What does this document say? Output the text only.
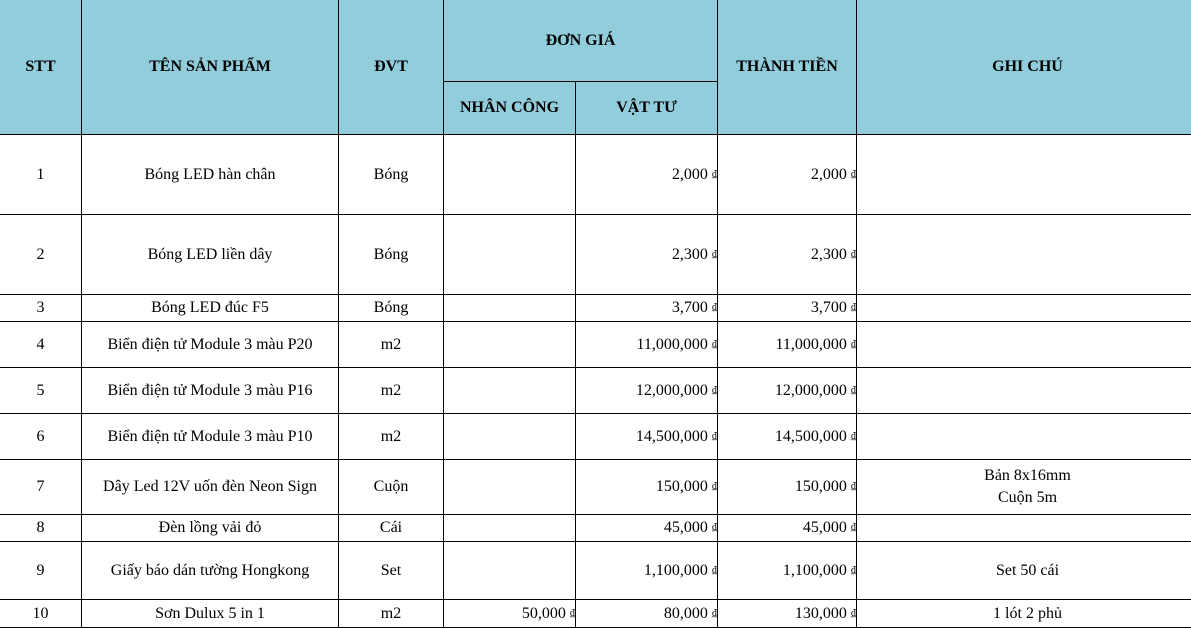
STT	TÊN SẢN PHẨM	ĐVT	ĐƠN GIÁ		THÀNH TIỀN	GHI CHÚ
			NHÂN CÔNG	VẬT TƯ		
1	Bóng LED hàn chân	Bóng		2,000 ₫	2,000 ₫	
2	Bóng LED liền dây	Bóng		2,300 ₫	2,300 ₫	
3	Bóng LED đúc F5	Bóng		3,700 ₫	3,700 ₫	
4	Biển điện tử Module 3 màu P20	m2		11,000,000 ₫	11,000,000 ₫	
5	Biển điện tử Module 3 màu P16	m2		12,000,000 ₫	12,000,000 ₫	
6	Biển điện tử Module 3 màu P10	m2		14,500,000 ₫	14,500,000 ₫	
7	Dây Led 12V uốn đèn Neon Sign	Cuộn		150,000 ₫	150,000 ₫	Bản 8x16mm
Cuộn 5m
8	Đèn lồng vải đỏ	Cái		45,000 ₫	45,000 ₫	
9	Giấy báo dán tường Hongkong	Set		1,100,000 ₫	1,100,000 ₫	Set 50 cái
10	Sơn Dulux 5 in 1	m2	50,000 ₫	80,000 ₫	130,000 ₫	1 lót 2 phủ
